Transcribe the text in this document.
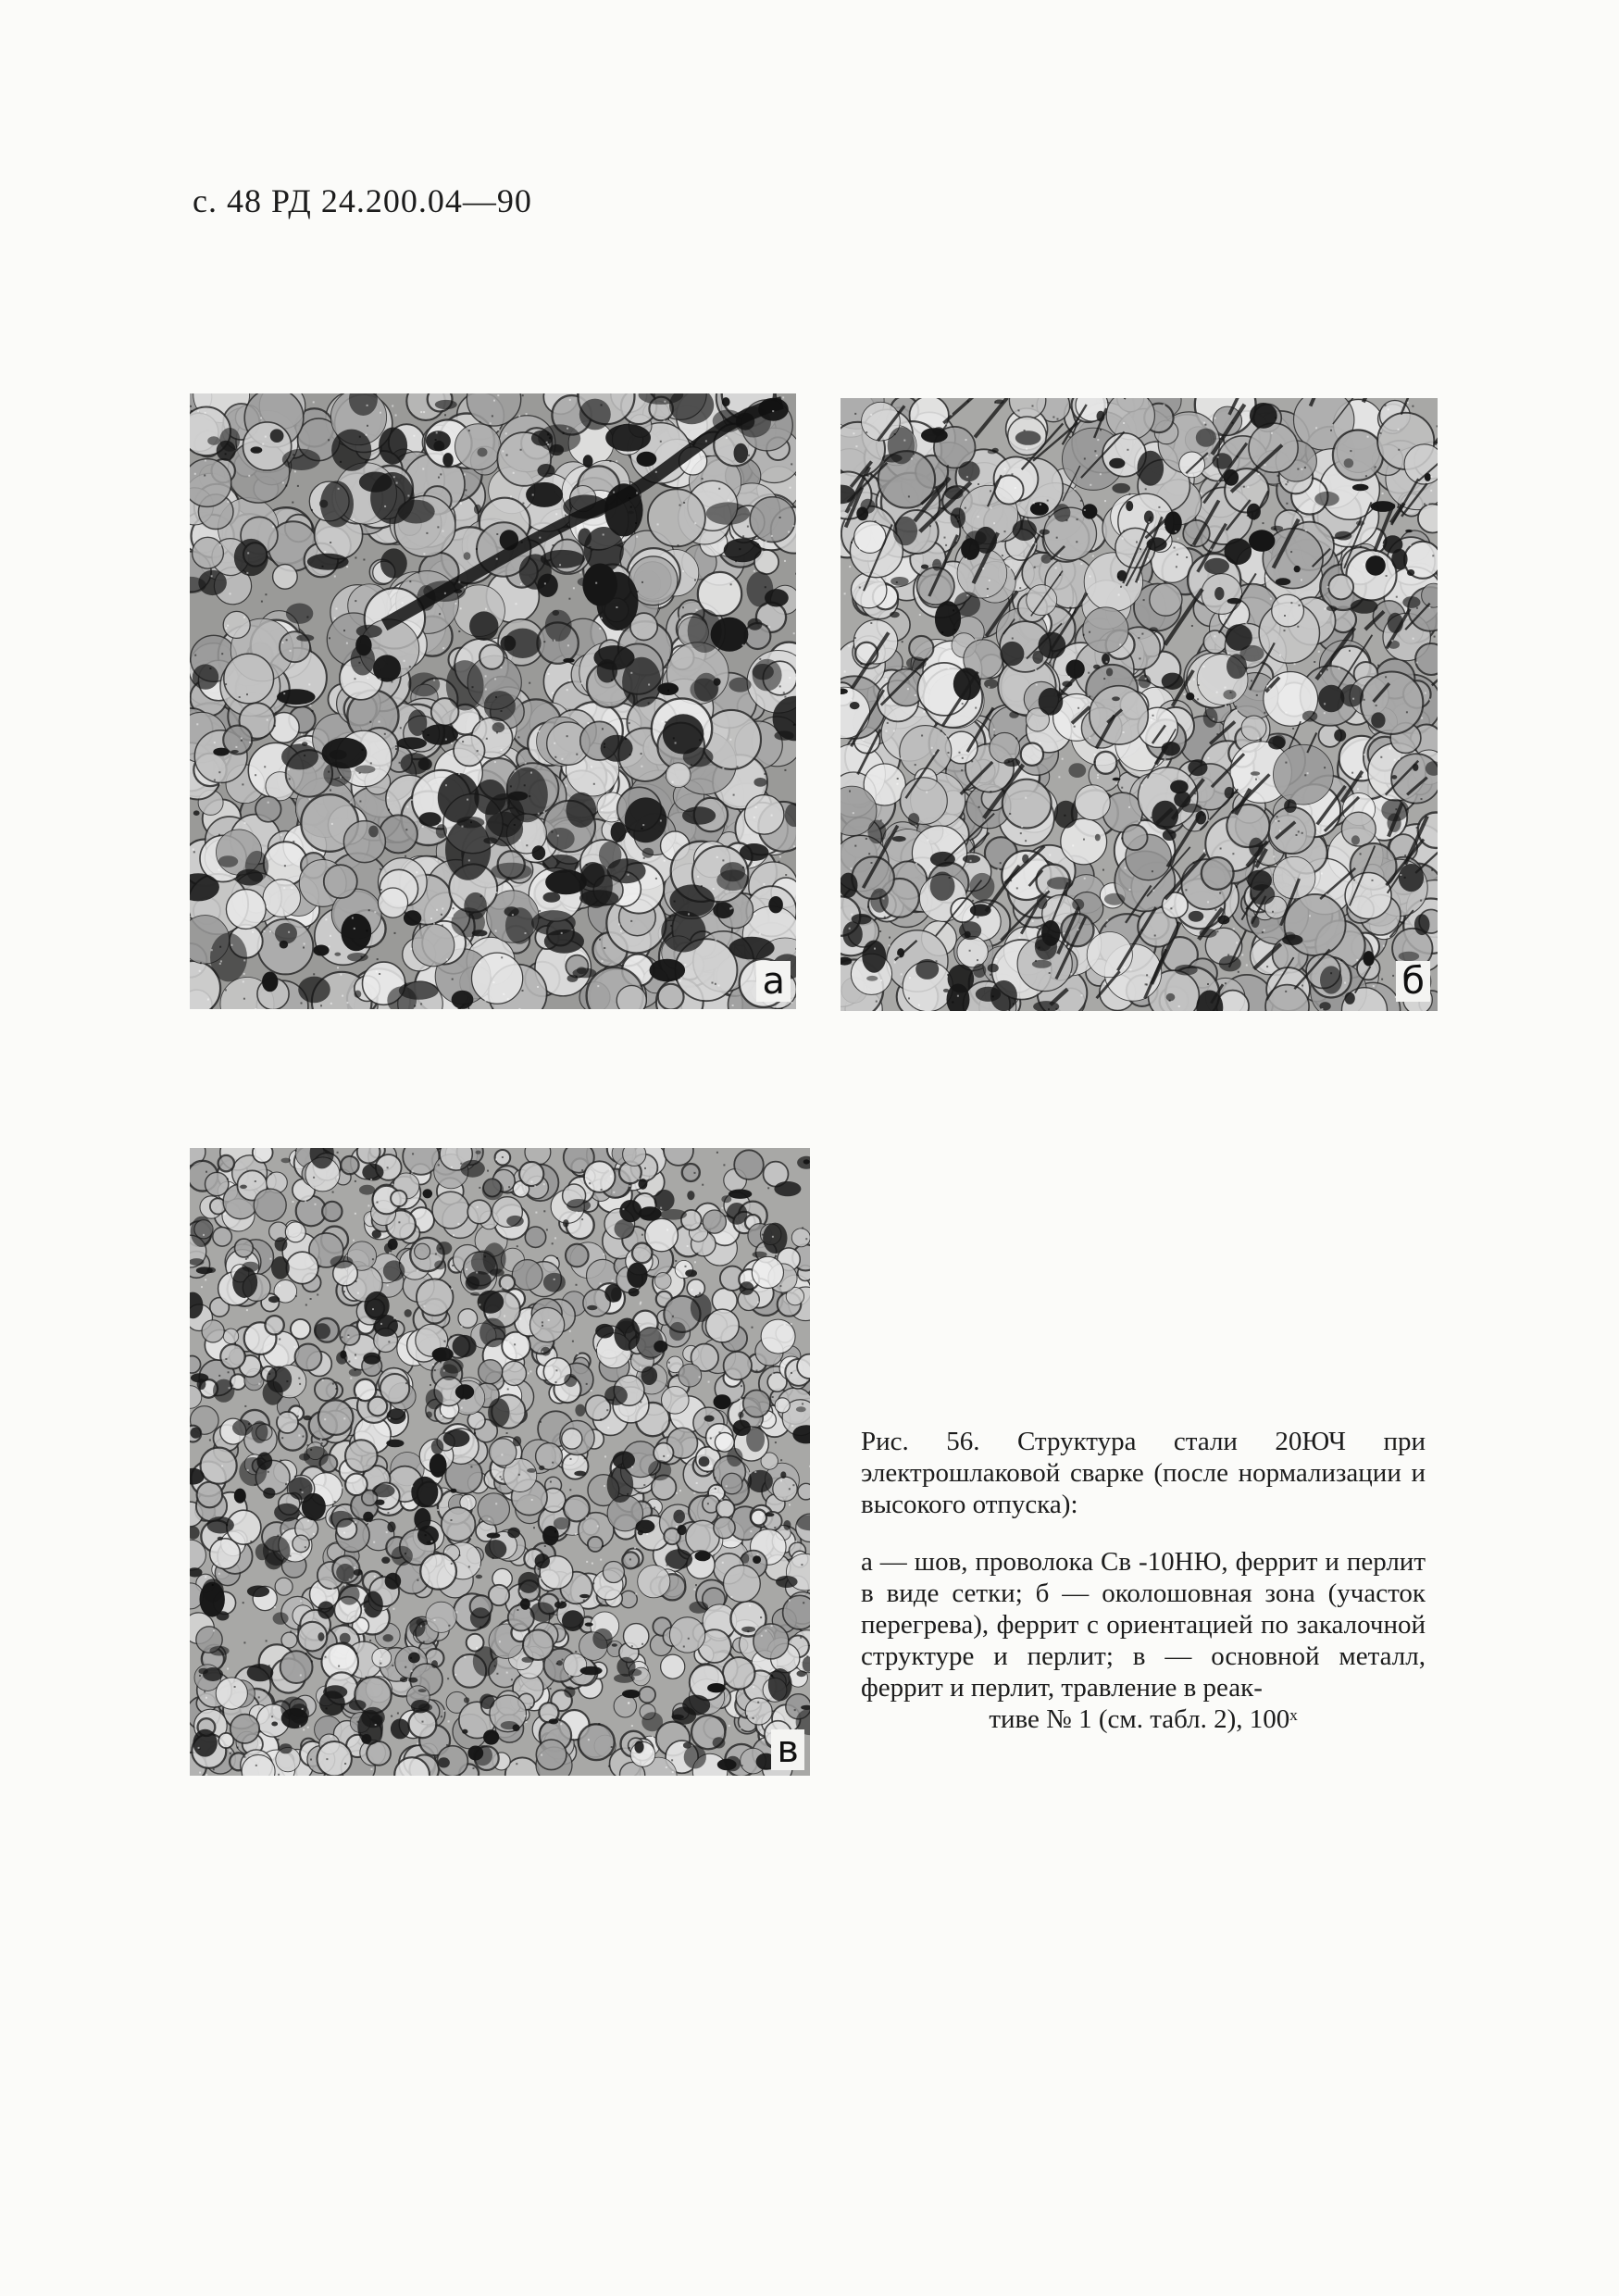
с. 48 РД 24.200.04—90
а	б
в

Рис. 56. Структура стали 20ЮЧ при электрошлаковой сварке (после нормализации и высокого отпуска):

а — шов, проволока Св -10НЮ, феррит и перлит в виде сетки; б — околошовная зона (участок перегрева), феррит с ориентацией по закалочной структуре и перлит; в — основной металл, феррит и перлит, травление в реак-

тиве № 1 (см. табл. 2), 100ˣ
